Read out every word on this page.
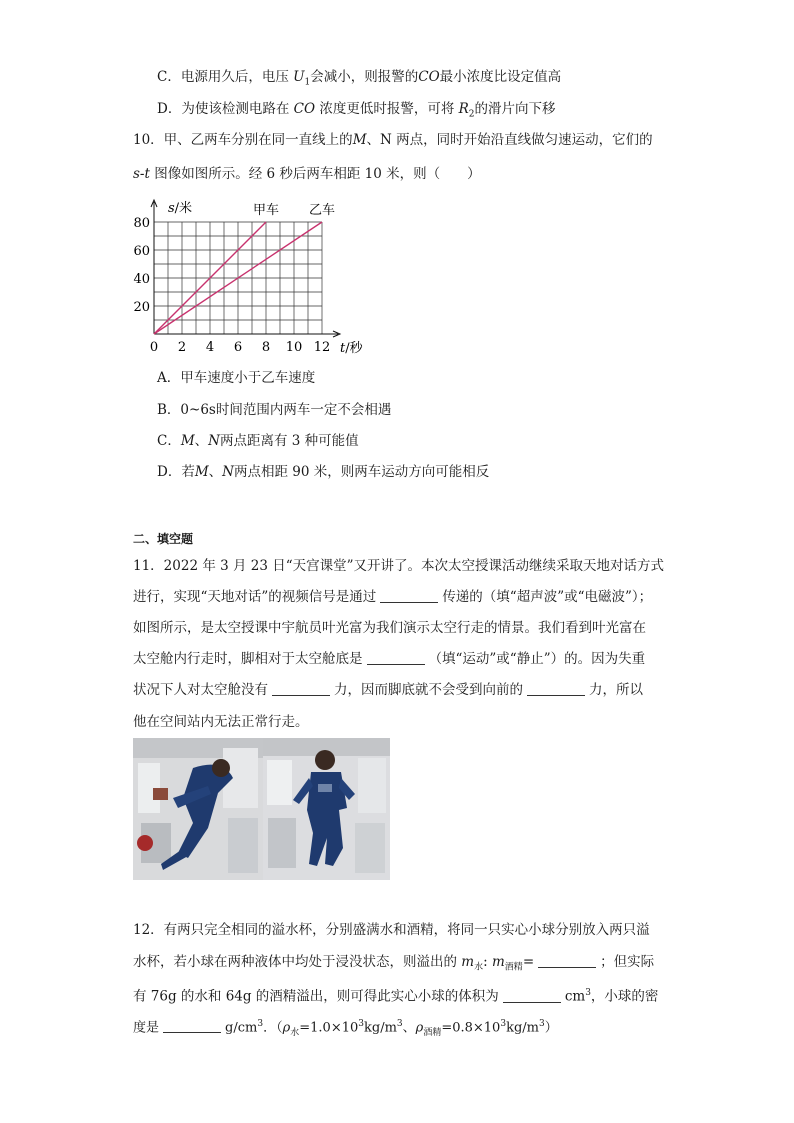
C．电源用久后，电压 $U_1$会减小，则报警的CO最小浓度比设定值高
D．为使该检测电路在 CO 浓度更低时报警，可将 $R_2$的滑片向下移
10．甲、乙两车分别在同一直线上的M、N 两点，同时开始沿直线做匀速运动，它们的
s-t 图像如图所示。经 6 秒后两车相距 10 米，则（　　）
0 2 4 6 8 10 12
20
40
60
80
s/米
t/秒
甲车 乙车
A．甲车速度小于乙车速度
B．0~6s时间范围内两车一定不会相遇
C．M、N两点距离有 3 种可能值
D．若M、N两点相距 90 米，则两车运动方向可能相反
二、填空题
11．2022 年 3 月 23 日“天宫课堂”又开讲了。本次太空授课活动继续采取天地对话方式
进行，实现“天地对话”的视频信号是通过	传递的（填“超声波”或“电磁波”）；
如图所示，是太空授课中宇航员叶光富为我们演示太空行走的情景。我们看到叶光富在
太空舱内行走时，脚相对于太空舱底是	（填“运动”或“静止”）的。因为失重
状况下人对太空舱没有	力，因而脚底就不会受到向前的	力，所以
他在空间站内无法正常行走。
12．有两只完全相同的溢水杯，分别盛满水和酒精，将同一只实心小球分别放入两只溢
水杯，若小球在两种液体中均处于浸没状态，则溢出的 $m_水$: $m_{酒精}=$	；但实际
有 76g 的水和 64g 的酒精溢出，则可得此实心小球的体积为	$cm^3$，小球的密
度是	$g/cm^3$．（$\rho_水=1.0\times 10^3kg/m^3$、$\rho_{酒精}=0.8\times 10^3kg/m^3$）
